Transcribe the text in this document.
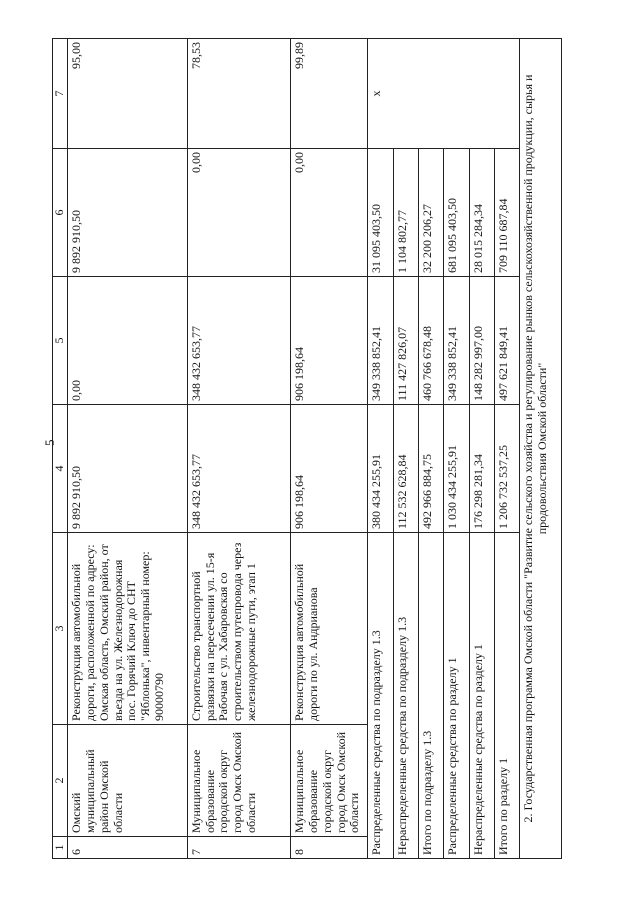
5
1	2	3	4	5	6	7
6	Омский муниципальный район Омской области	Реконструкция автомобильной дороги, расположенной по адресу: Омская область, Омский район, от въезда на ул. Железнодорожная пос. Горячий Ключ до СНТ "Яблонька", инвентарный номер: 90000790	9 892 910,50	0,00	9 892 910,50	95,00
7	Муниципальное образование городской округ город Омск Омской области	Строительство транспортной развязки на пересечении ул. 15-я Рабочая с ул. Хабаровская со строительством путепровода через железнодорожные пути, этап 1	348 432 653,77	348 432 653,77	0,00	78,53
8	Муниципальное образование городской округ город Омск Омской области	Реконструкция автомобильной дороги по ул. Андрианова	906 198,64	906 198,64	0,00	99,89
Распределенные средства по подразделу 1.3			380 434 255,91	349 338 852,41	31 095 403,50	x
Нераспределенные средства по подразделу 1.3			112 532 628,84	111 427 826,07	1 104 802,77	
Итого по подразделу 1.3			492 966 884,75	460 766 678,48	32 200 206,27	
Распределенные средства по разделу 1			1 030 434 255,91	349 338 852,41	681 095 403,50	
Нераспределенные средства по разделу 1			176 298 281,34	148 282 997,00	28 015 284,34	
Итого по разделу 1			1 206 732 537,25	497 621 849,41	709 110 687,84	
2. Государственная программа Омской области "Развитие сельского хозяйства и регулирование рынков сельскохозяйственной продукции, сырья и продовольствия Омской области"						
